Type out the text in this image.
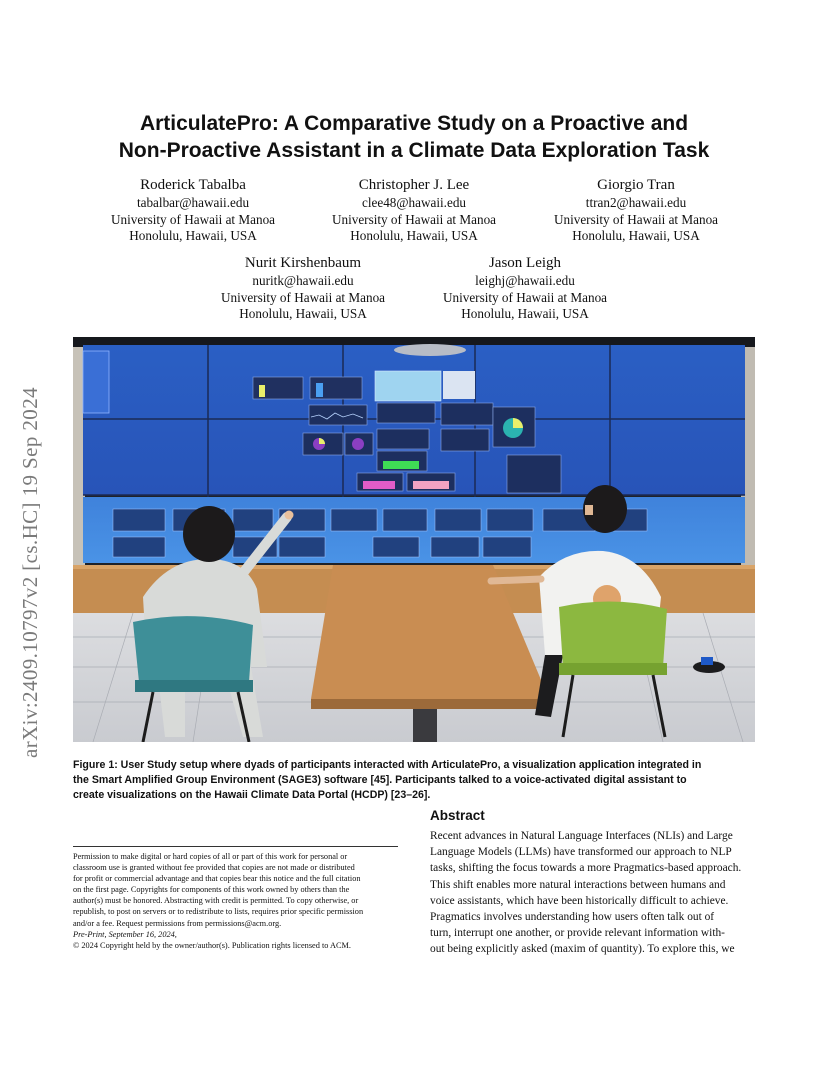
arXiv:2409.10797v2 [cs.HC] 19 Sep 2024
ArticulatePro: A Comparative Study on a Proactive and
Non-Proactive Assistant in a Climate Data Exploration Task
Roderick Tabalba
tabalbar@hawaii.edu
University of Hawaii at Manoa
Honolulu, Hawaii, USA
Christopher J. Lee
clee48@hawaii.edu
University of Hawaii at Manoa
Honolulu, Hawaii, USA
Giorgio Tran
ttran2@hawaii.edu
University of Hawaii at Manoa
Honolulu, Hawaii, USA
Nurit Kirshenbaum
nuritk@hawaii.edu
University of Hawaii at Manoa
Honolulu, Hawaii, USA
Jason Leigh
leighj@hawaii.edu
University of Hawaii at Manoa
Honolulu, Hawaii, USA
Figure 1: User Study setup where dyads of participants interacted with ArticulatePro, a visualization application integrated in
the Smart Amplified Group Environment (SAGE3) software [45]. Participants talked to a voice-activated digital assistant to
create visualizations on the Hawaii Climate Data Portal (HCDP) [23–26].
Abstract
Recent advances in Natural Language Interfaces (NLIs) and Large
Language Models (LLMs) have transformed our approach to NLP
tasks, shifting the focus towards a more Pragmatics-based approach.
This shift enables more natural interactions between humans and
voice assistants, which have been historically difficult to achieve.
Pragmatics involves understanding how users often talk out of
turn, interrupt one another, or provide relevant information with-
out being explicitly asked (maxim of quantity). To explore this, we
Permission to make digital or hard copies of all or part of this work for personal or
classroom use is granted without fee provided that copies are not made or distributed
for profit or commercial advantage and that copies bear this notice and the full citation
on the first page. Copyrights for components of this work owned by others than the
author(s) must be honored. Abstracting with credit is permitted. To copy otherwise, or
republish, to post on servers or to redistribute to lists, requires prior specific permission
and/or a fee. Request permissions from permissions@acm.org.
Pre-Print, September 16, 2024,
© 2024 Copyright held by the owner/author(s). Publication rights licensed to ACM.
